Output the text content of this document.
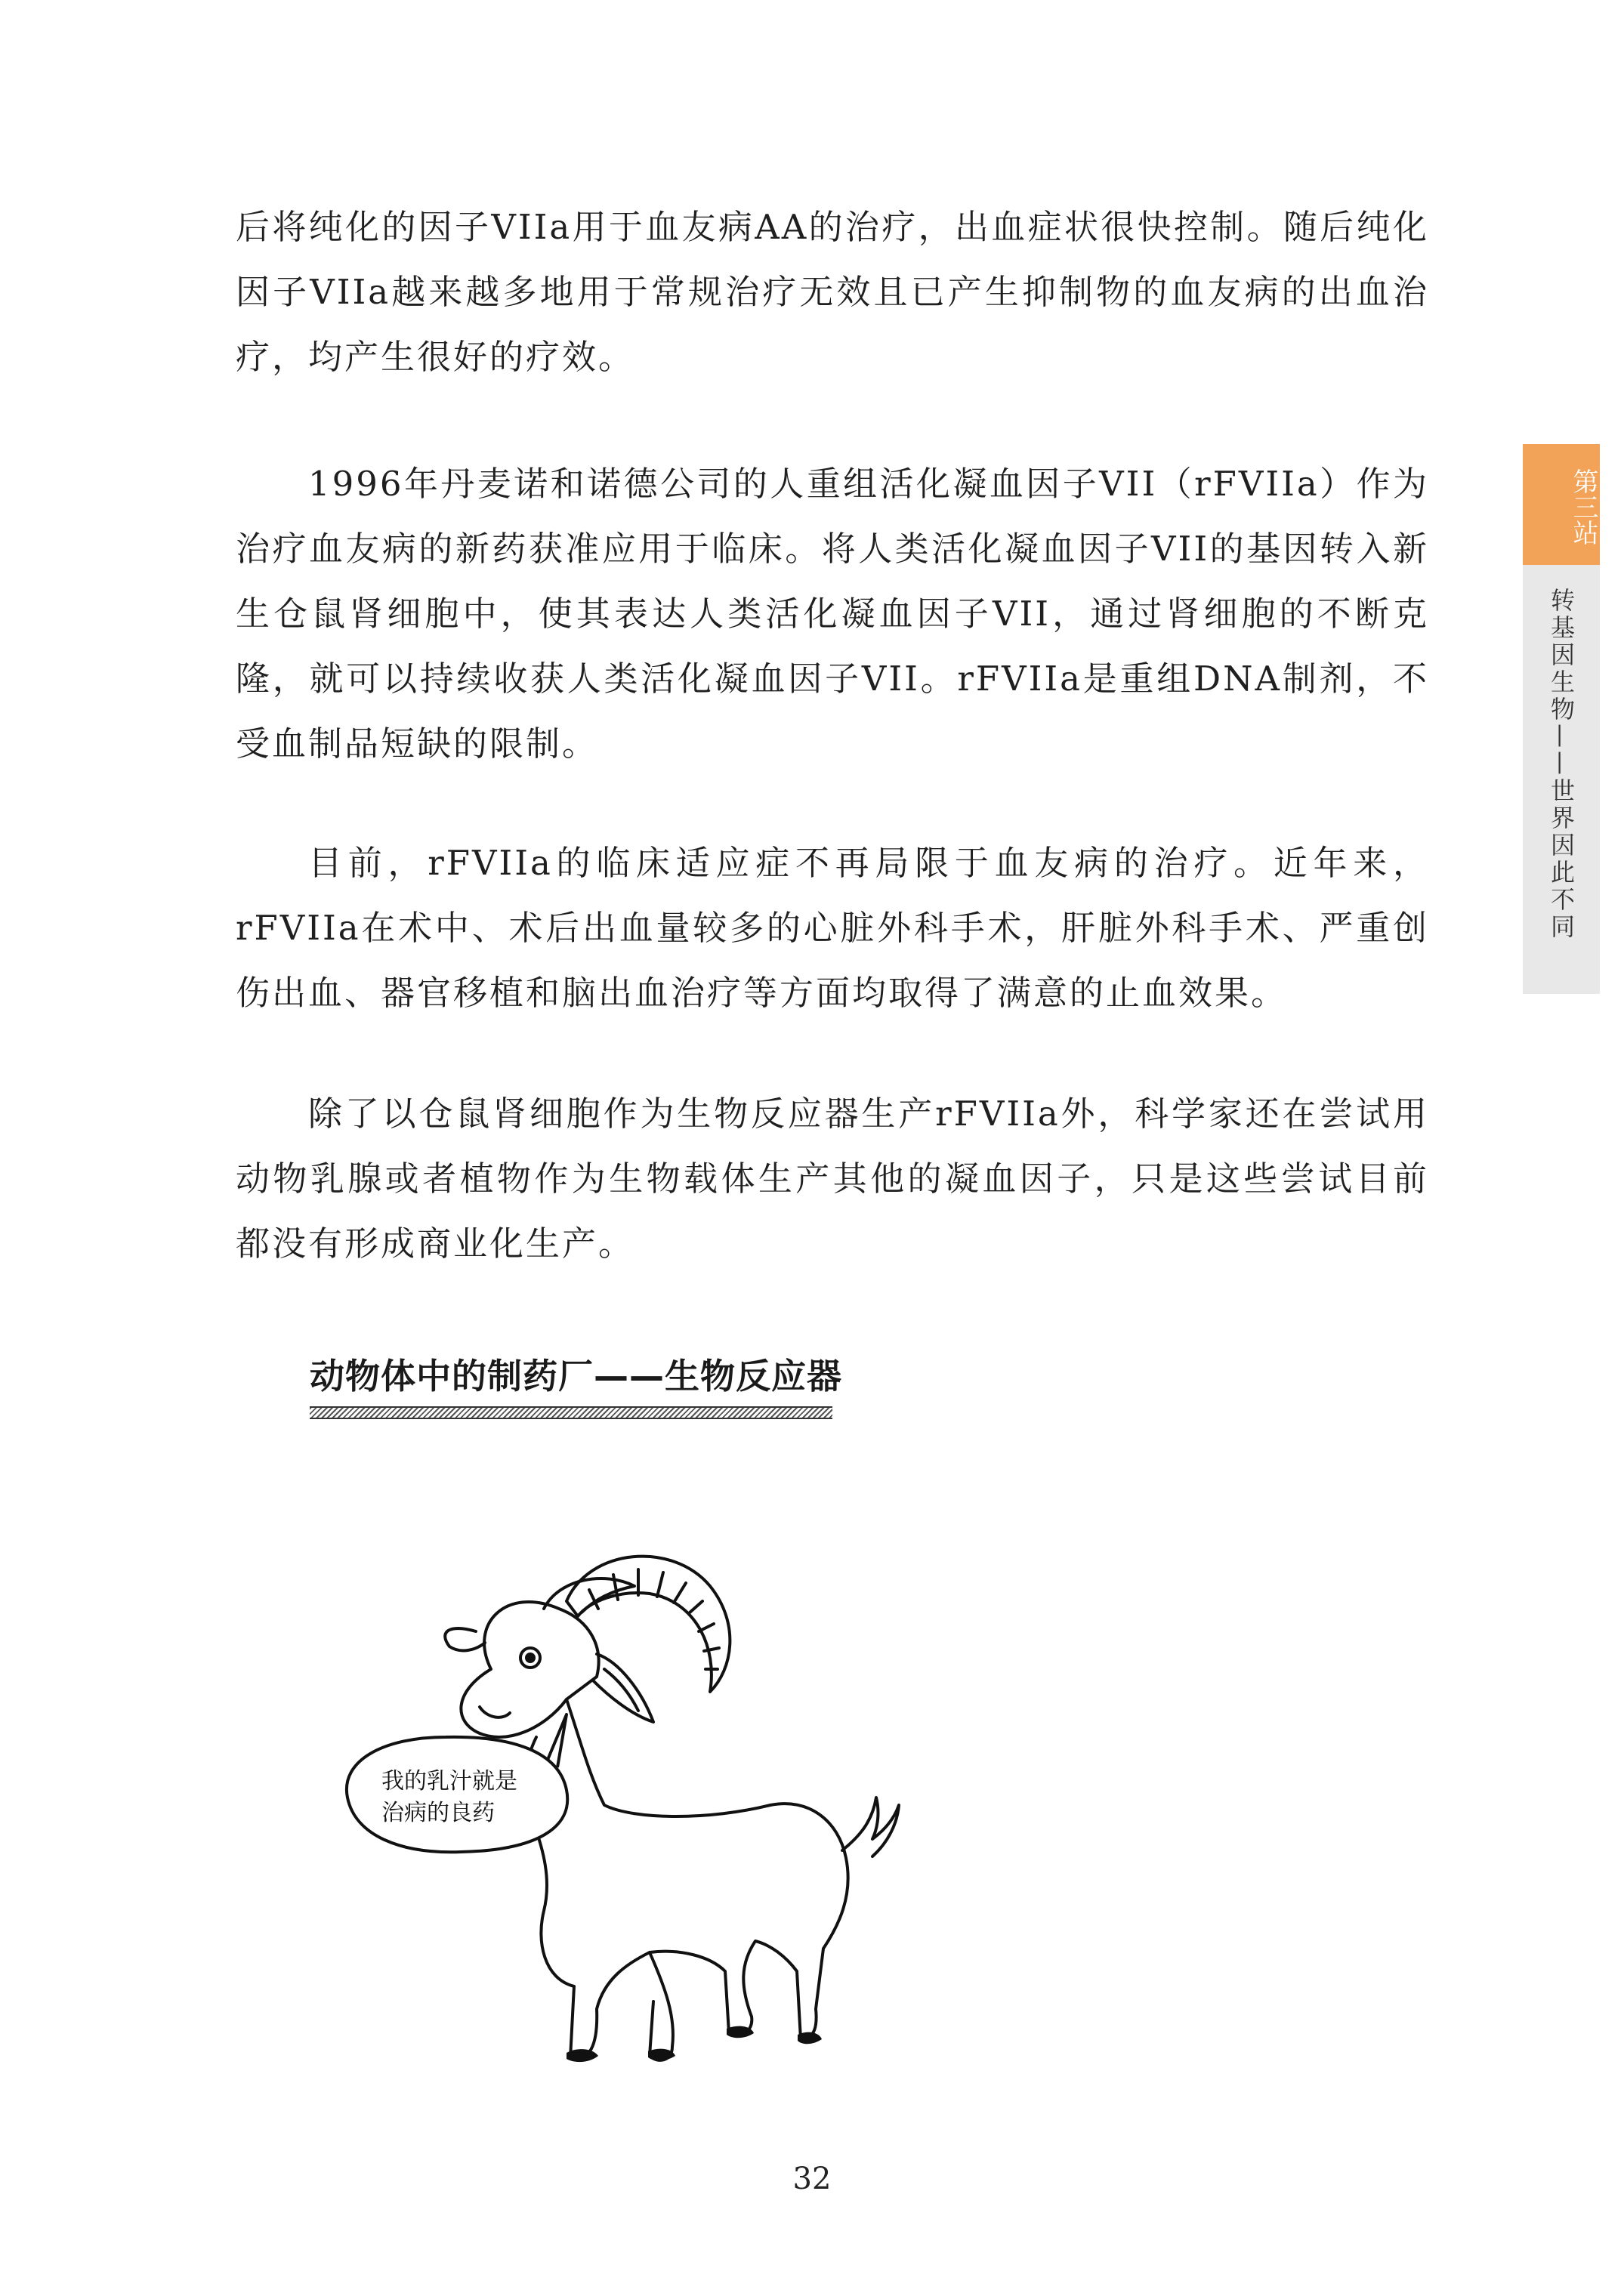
后将纯化的因子VIIa用于血友病AA的治疗，出血症状很快控制。随后纯化因子VIIa越来越多地用于常规治疗无效且已产生抑制物的血友病的出血治疗，均产生很好的疗效。

1996年丹麦诺和诺德公司的人重组活化凝血因子VII（rFVIIa）作为治疗血友病的新药获准应用于临床。将人类活化凝血因子VII的基因转入新生仓鼠肾细胞中，使其表达人类活化凝血因子VII，通过肾细胞的不断克隆，就可以持续收获人类活化凝血因子VII。rFVIIa是重组DNA制剂，不受血制品短缺的限制。

目前，rFVIIa的临床适应症不再局限于血友病的治疗。近年来，rFVIIa在术中、术后出血量较多的心脏外科手术，肝脏外科手术、严重创伤出血、器官移植和脑出血治疗等方面均取得了满意的止血效果。

除了以仓鼠肾细胞作为生物反应器生产rFVIIa外，科学家还在尝试用动物乳腺或者植物作为生物载体生产其他的凝血因子，只是这些尝试目前都没有形成商业化生产。

动物体中的制药厂——生物反应器
第三站
转基因生物——世界因此不同
我的乳汁就是
治病的良药
32
